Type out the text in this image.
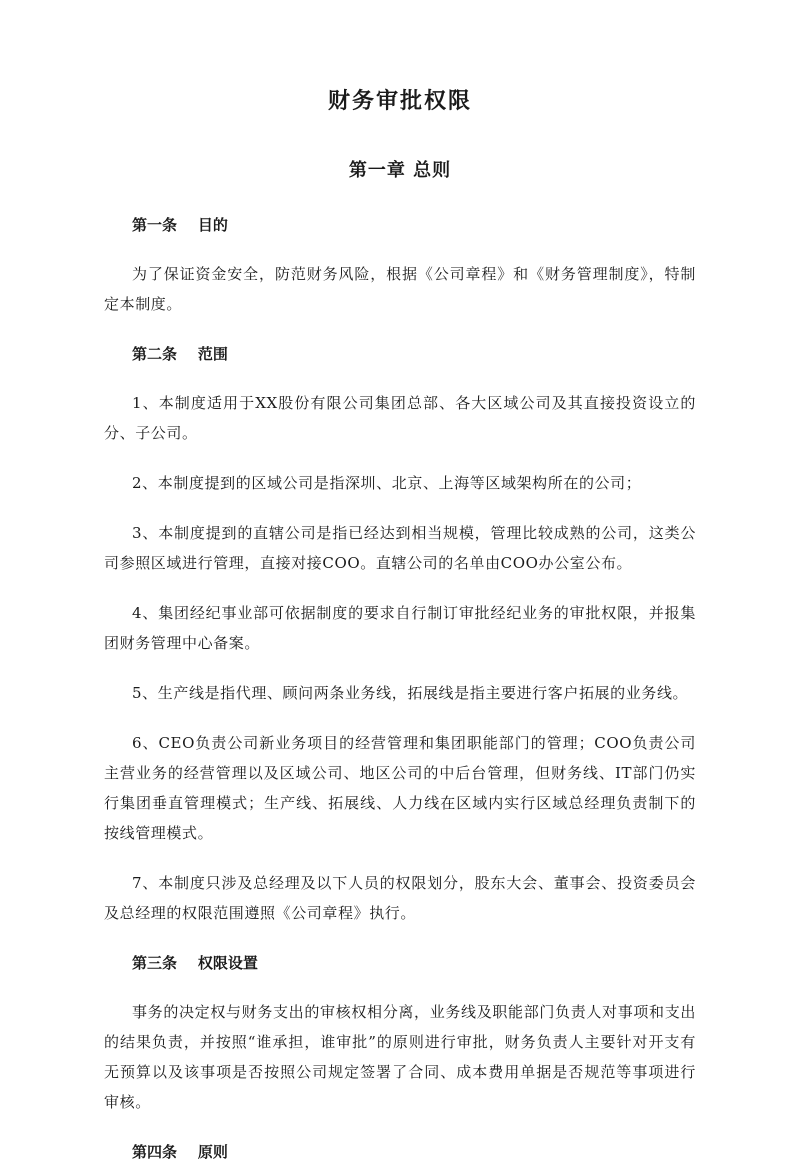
财务审批权限
第一章 总则
第一条    目的

为了保证资金安全，防范财务风险，根据《公司章程》和《财务管理制度》，特制定本制度。

第二条    范围

1、本制度适用于XX股份有限公司集团总部、各大区域公司及其直接投资设立的分、子公司。

2、本制度提到的区域公司是指深圳、北京、上海等区域架构所在的公司；

3、本制度提到的直辖公司是指已经达到相当规模，管理比较成熟的公司，这类公司参照区域进行管理，直接对接COO。直辖公司的名单由COO办公室公布。

4、集团经纪事业部可依据制度的要求自行制订审批经纪业务的审批权限，并报集团财务管理中心备案。

5、生产线是指代理、顾问两条业务线，拓展线是指主要进行客户拓展的业务线。

6、CEO负责公司新业务项目的经营管理和集团职能部门的管理；COO负责公司主营业务的经营管理以及区域公司、地区公司的中后台管理，但财务线、IT部门仍实行集团垂直管理模式；生产线、拓展线、人力线在区域内实行区域总经理负责制下的按线管理模式。

7、本制度只涉及总经理及以下人员的权限划分，股东大会、董事会、投资委员会及总经理的权限范围遵照《公司章程》执行。

第三条    权限设置

事务的决定权与财务支出的审核权相分离，业务线及职能部门负责人对事项和支出的结果负责，并按照“谁承担，谁审批”的原则进行审批，财务负责人主要针对开支有无预算以及该事项是否按照公司规定签署了合同、成本费用单据是否规范等事项进行审核。

第四条    原则
